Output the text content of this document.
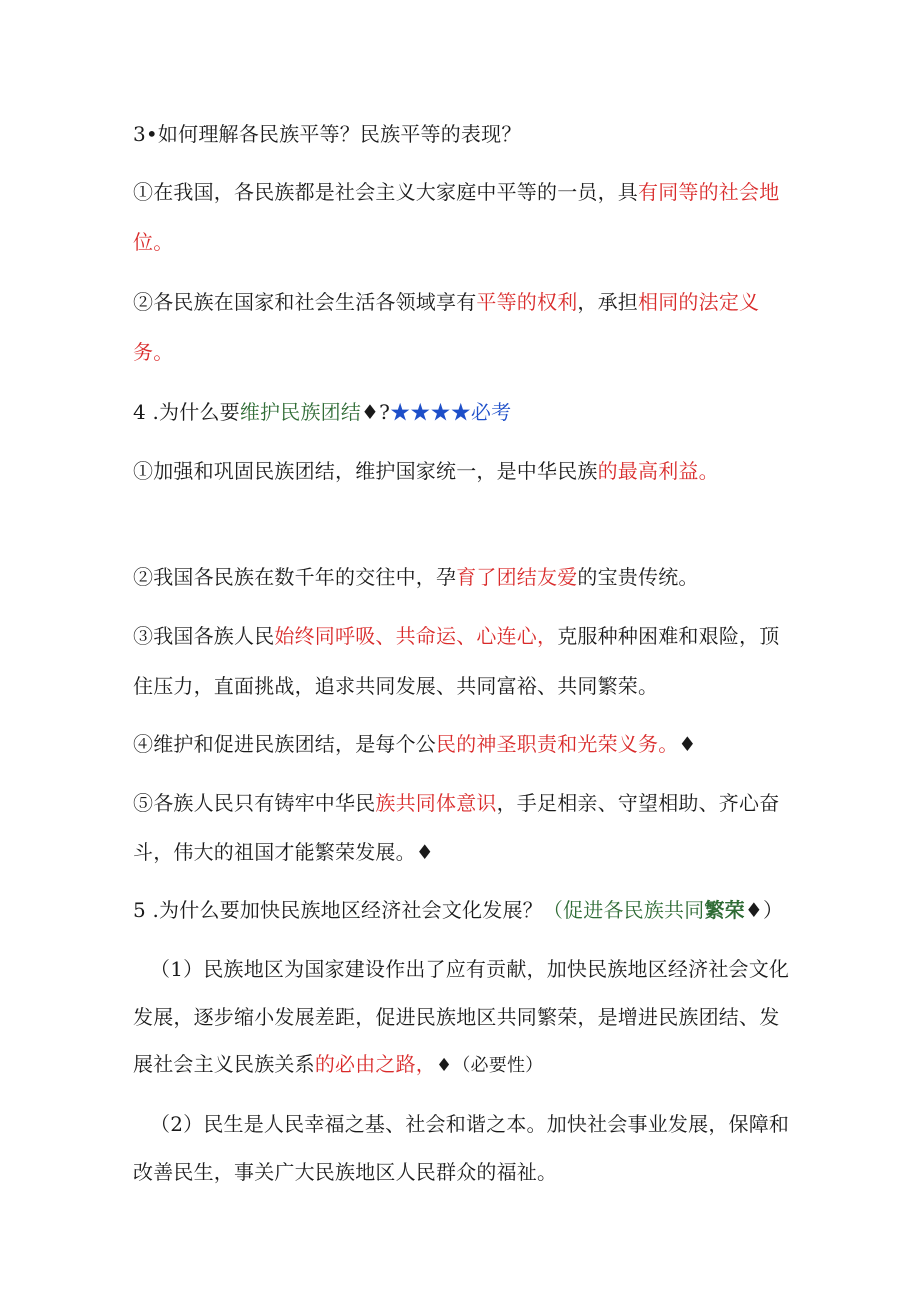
3•如何理解各民族平等？民族平等的表现？
①在我国，各民族都是社会主义大家庭中平等的一员，具有同等的社会地
位。
②各民族在国家和社会生活各领域享有平等的权利，承担相同的法定义
务。
4 .为什么要维护民族团结♦?★★★★必考
①加强和巩固民族团结，维护国家统一，是中华民族的最高利益。
②我国各民族在数千年的交往中，孕育了团结友爱的宝贵传统。
③我国各族人民始终同呼吸、共命运、心连心，克服种种困难和艰险，顶
住压力，直面挑战，追求共同发展、共同富裕、共同繁荣。
④维护和促进民族团结，是每个公民的神圣职责和光荣义务。♦
⑤各族人民只有铸牢中华民族共同体意识，手足相亲、守望相助、齐心奋
斗，伟大的祖国才能繁荣发展。♦
5 .为什么要加快民族地区经济社会文化发展？（促进各民族共同繁荣♦）
（1）民族地区为国家建设作出了应有贡献，加快民族地区经济社会文化
发展，逐步缩小发展差距，促进民族地区共同繁荣，是增进民族团结、发
展社会主义民族关系的必由之路，♦（必要性）
（2）民生是人民幸福之基、社会和谐之本。加快社会事业发展，保障和
改善民生，事关广大民族地区人民群众的福祉。
